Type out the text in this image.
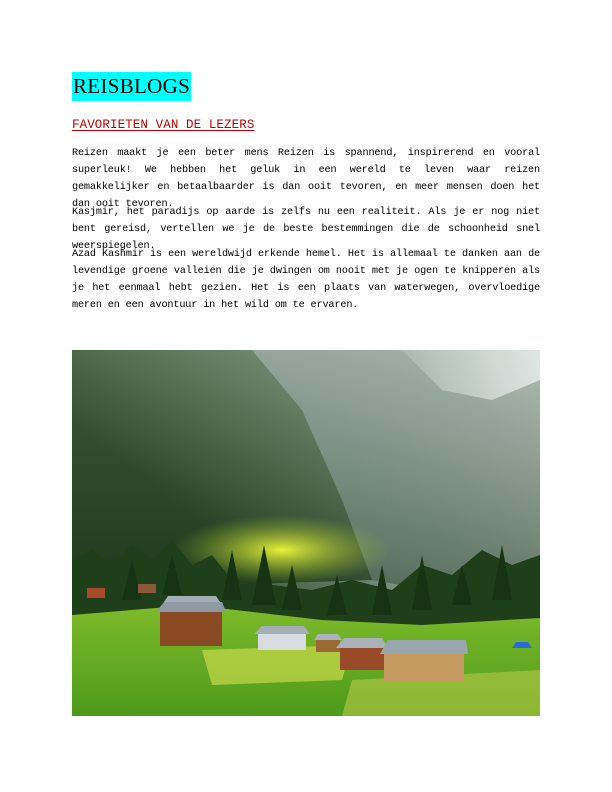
REISBLOGS
FAVORIETEN VAN DE LEZERS

Reizen maakt je een beter mens Reizen is spannend, inspirerend en vooral superleuk! We hebben het geluk in een wereld te leven waar reizen gemakkelijker en betaalbaarder is dan ooit tevoren, en meer mensen doen het dan ooit tevoren.

Kasjmir, het paradijs op aarde is zelfs nu een realiteit. Als je er nog niet bent gereisd, vertellen we je de beste bestemmingen die de schoonheid snel weerspiegelen.

Azad Kashmir is een wereldwijd erkende hemel. Het is allemaal te danken aan de levendige groene valleien die je dwingen om nooit met je ogen te knipperen als je het eenmaal hebt gezien. Het is een plaats van waterwegen, overvloedige meren en een avontuur in het wild om te ervaren.
